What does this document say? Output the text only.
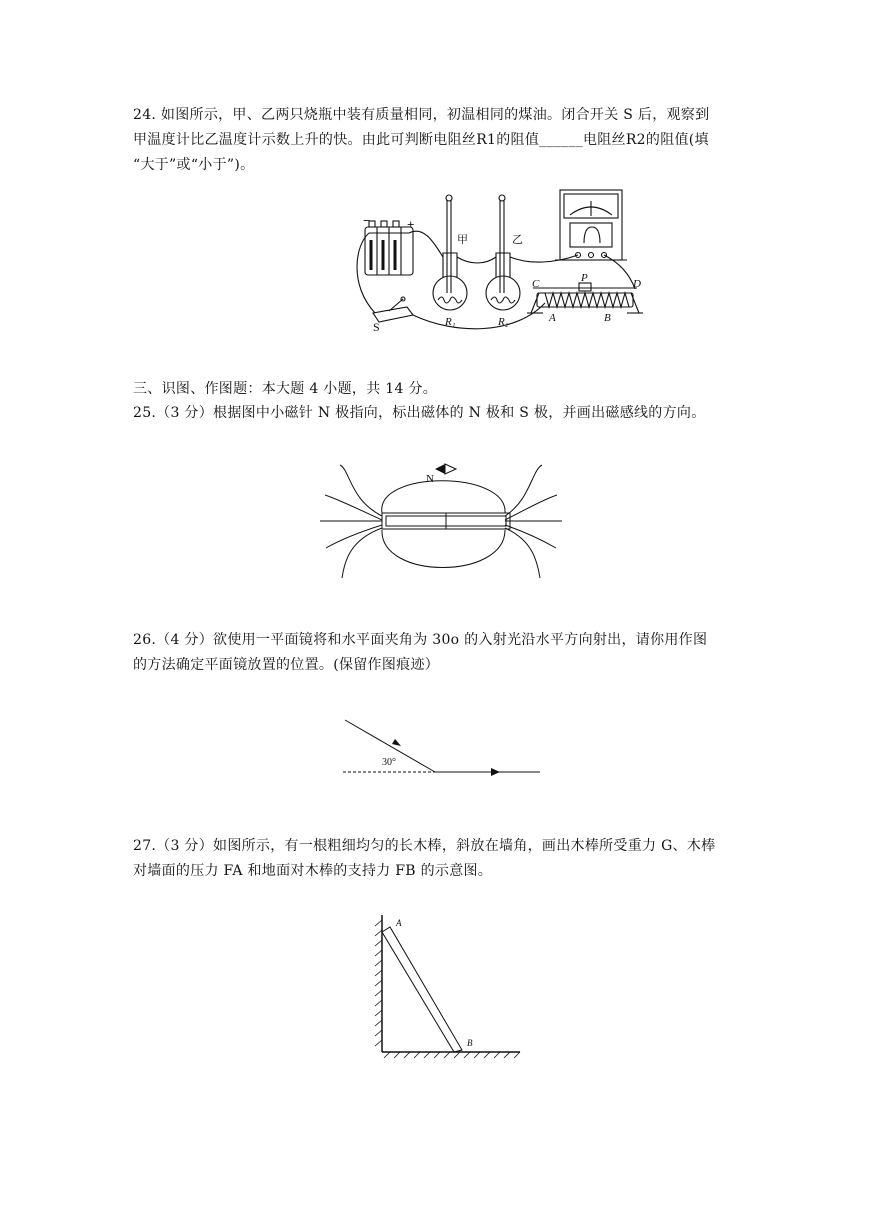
24. 如图所示，甲、乙两只烧瓶中装有质量相同，初温相同的煤油。闭合开关 S 后，观察到
甲温度计比乙温度计示数上升的快。由此可判断电阻丝R1的阻值______电阻丝R2的阻值(填
“大于”或“小于”)。
甲	乙
R₁	R₂
S
−	+
C	P	D
A	B
三、识图、作图题：本大题 4 小题，共 14 分。
25.（3 分）根据图中小磁针 N 极指向，标出磁体的 N 极和 S 极，并画出磁感线的方向。
N
26.（4 分）欲使用一平面镜将和水平面夹角为 30o 的入射光沿水平方向射出，请你用作图
的方法确定平面镜放置的位置。(保留作图痕迹）
30°
27.（3 分）如图所示，有一根粗细均匀的长木棒，斜放在墙角，画出木棒所受重力 G、木棒
对墙面的压力 FA 和地面对木棒的支持力 FB 的示意图。
A
B
